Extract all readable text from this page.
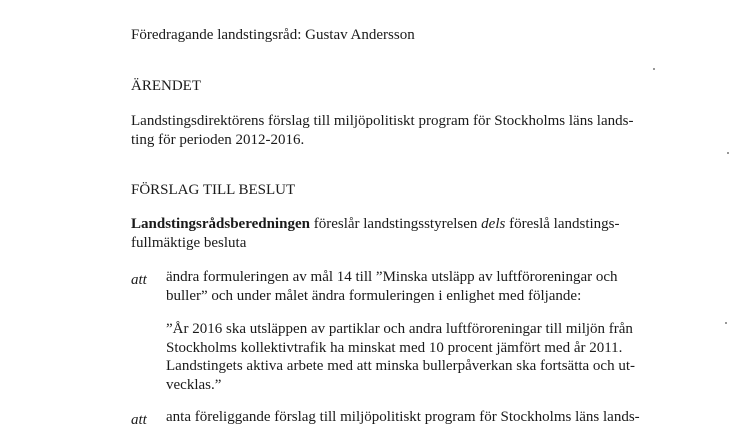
Föredragande landstingsråd: Gustav Andersson
ÄRENDET
Landstingsdirektörens förslag till miljöpolitiskt program för Stockholms läns lands-
ting för perioden 2012-2016.
FÖRSLAG TILL BESLUT
Landstingsrådsberedningen föreslår landstingsstyrelsen dels föreslå landstings-
fullmäktige besluta
att ändra formuleringen av mål 14 till ”Minska utsläpp av luftföroreningar och
buller” och under målet ändra formuleringen i enlighet med följande:
”År 2016 ska utsläppen av partiklar och andra luftföroreningar till miljön från
Stockholms kollektivtrafik ha minskat med 10 procent jämfört med år 2011.
Landstingets aktiva arbete med att minska bullerpåverkan ska fortsätta och ut-
vecklas.”
att anta föreliggande förslag till miljöpolitiskt program för Stockholms läns lands-
